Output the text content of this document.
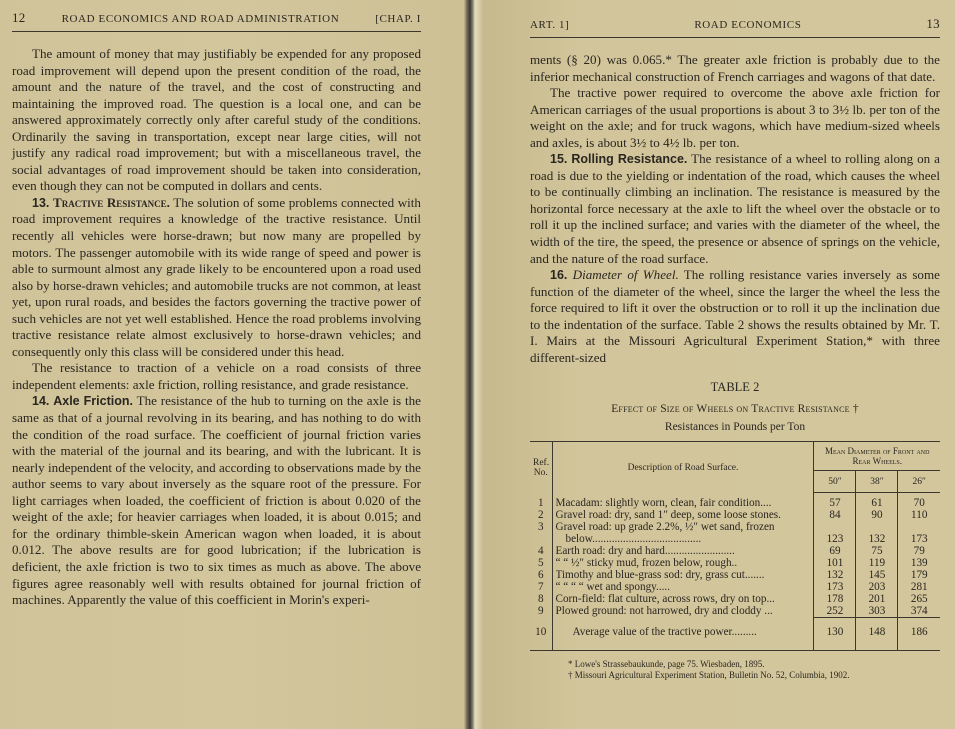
12	ROAD ECONOMICS AND ROAD ADMINISTRATION	[CHAP. I

The amount of money that may justifiably be expended for any proposed road improvement will depend upon the present condition of the road, the amount and the nature of the travel, and the cost of constructing and maintaining the improved road. The question is a local one, and can be answered approximately correctly only after careful study of the conditions. Ordinarily the saving in transportation, except near large cities, will not justify any radical road improvement; but with a miscellaneous travel, the social advantages of road improvement should be taken into consideration, even though they can not be computed in dollars and cents.

13. Tractive Resistance. The solution of some problems connected with road improvement requires a knowledge of the tractive resistance. Until recently all vehicles were horse-drawn; but now many are propelled by motors. The passenger automobile with its wide range of speed and power is able to surmount almost any grade likely to be encountered upon a road used also by horse-drawn vehicles; and automobile trucks are not common, at least yet, upon rural roads, and besides the factors governing the tractive power of such vehicles are not yet well established. Hence the road problems involving tractive resistance relate almost exclusively to horse-drawn vehicles; and consequently only this class will be considered under this head.

The resistance to traction of a vehicle on a road consists of three independent elements: axle friction, rolling resistance, and grade resistance.

14. Axle Friction. The resistance of the hub to turning on the axle is the same as that of a journal revolving in its bearing, and has nothing to do with the condition of the road surface. The coefficient of journal friction varies with the material of the journal and its bearing, and with the lubricant. It is nearly independent of the velocity, and according to observations made by the author seems to vary about inversely as the square root of the pressure. For light carriages when loaded, the coefficient of friction is about 0.020 of the weight of the axle; for heavier carriages when loaded, it is about 0.015; and for the ordinary thimble-skein American wagon when loaded, it is about 0.012. The above results are for good lubrication; if the lubrication is deficient, the axle friction is two to six times as much as above. The above figures agree reasonably well with results obtained for journal friction of machines. Apparently the value of this coefficient in Morin's experi-

ART. 1]	ROAD ECONOMICS	13

ments (§ 20) was 0.065.* The greater axle friction is probably due to the inferior mechanical construction of French carriages and wagons of that date.

The tractive power required to overcome the above axle friction for American carriages of the usual proportions is about 3 to 3½ lb. per ton of the weight on the axle; and for truck wagons, which have medium-sized wheels and axles, is about 3½ to 4½ lb. per ton.

15. Rolling Resistance. The resistance of a wheel to rolling along on a road is due to the yielding or indentation of the road, which causes the wheel to be continually climbing an inclination. The resistance is measured by the horizontal force necessary at the axle to lift the wheel over the obstacle or to roll it up the inclined surface; and varies with the diameter of the wheel, the width of the tire, the speed, the presence or absence of springs on the vehicle, and the nature of the road surface.

16. Diameter of Wheel. The rolling resistance varies inversely as some function of the diameter of the wheel, since the larger the wheel the less the force required to lift it over the obstruction or to roll it up the inclination due to the indentation of the surface. Table 2 shows the results obtained by Mr. T. I. Mairs at the Missouri Agricultural Experiment Station,* with three different-sized

TABLE 2
Effect of Size of Wheels on Tractive Resistance †
Resistances in Pounds per Ton
Ref. No.	Description of Road Surface.	Mean Diameter of Front and Rear Wheels.		
		50″	38″	26″
1	Macadam: slightly worn, clean, fair condition....	57	61	70
2	Gravel road: dry, sand 1″ deep, some loose stones.	84	90	110
3	Gravel road: up grade 2.2%, ½″ wet sand, frozen
below.......................................	123	132	173
4	Earth road: dry and hard.........................	69	75	79
5	“ “ ½″ sticky mud, frozen below, rough..	101	119	139
6	Timothy and blue-grass sod: dry, grass cut.......	132	145	179
7	“ “ “ “ wet and spongy.....	173	203	281
8	Corn-field: flat culture, across rows, dry on top...	178	201	265
9	Plowed ground: not harrowed, dry and cloddy ...	252	303	374
10	Average value of the tractive power.........	130	148	186
* Lowe's Strassebaukunde, page 75. Wiesbaden, 1895.
† Missouri Agricultural Experiment Station, Bulletin No. 52, Columbia, 1902.
